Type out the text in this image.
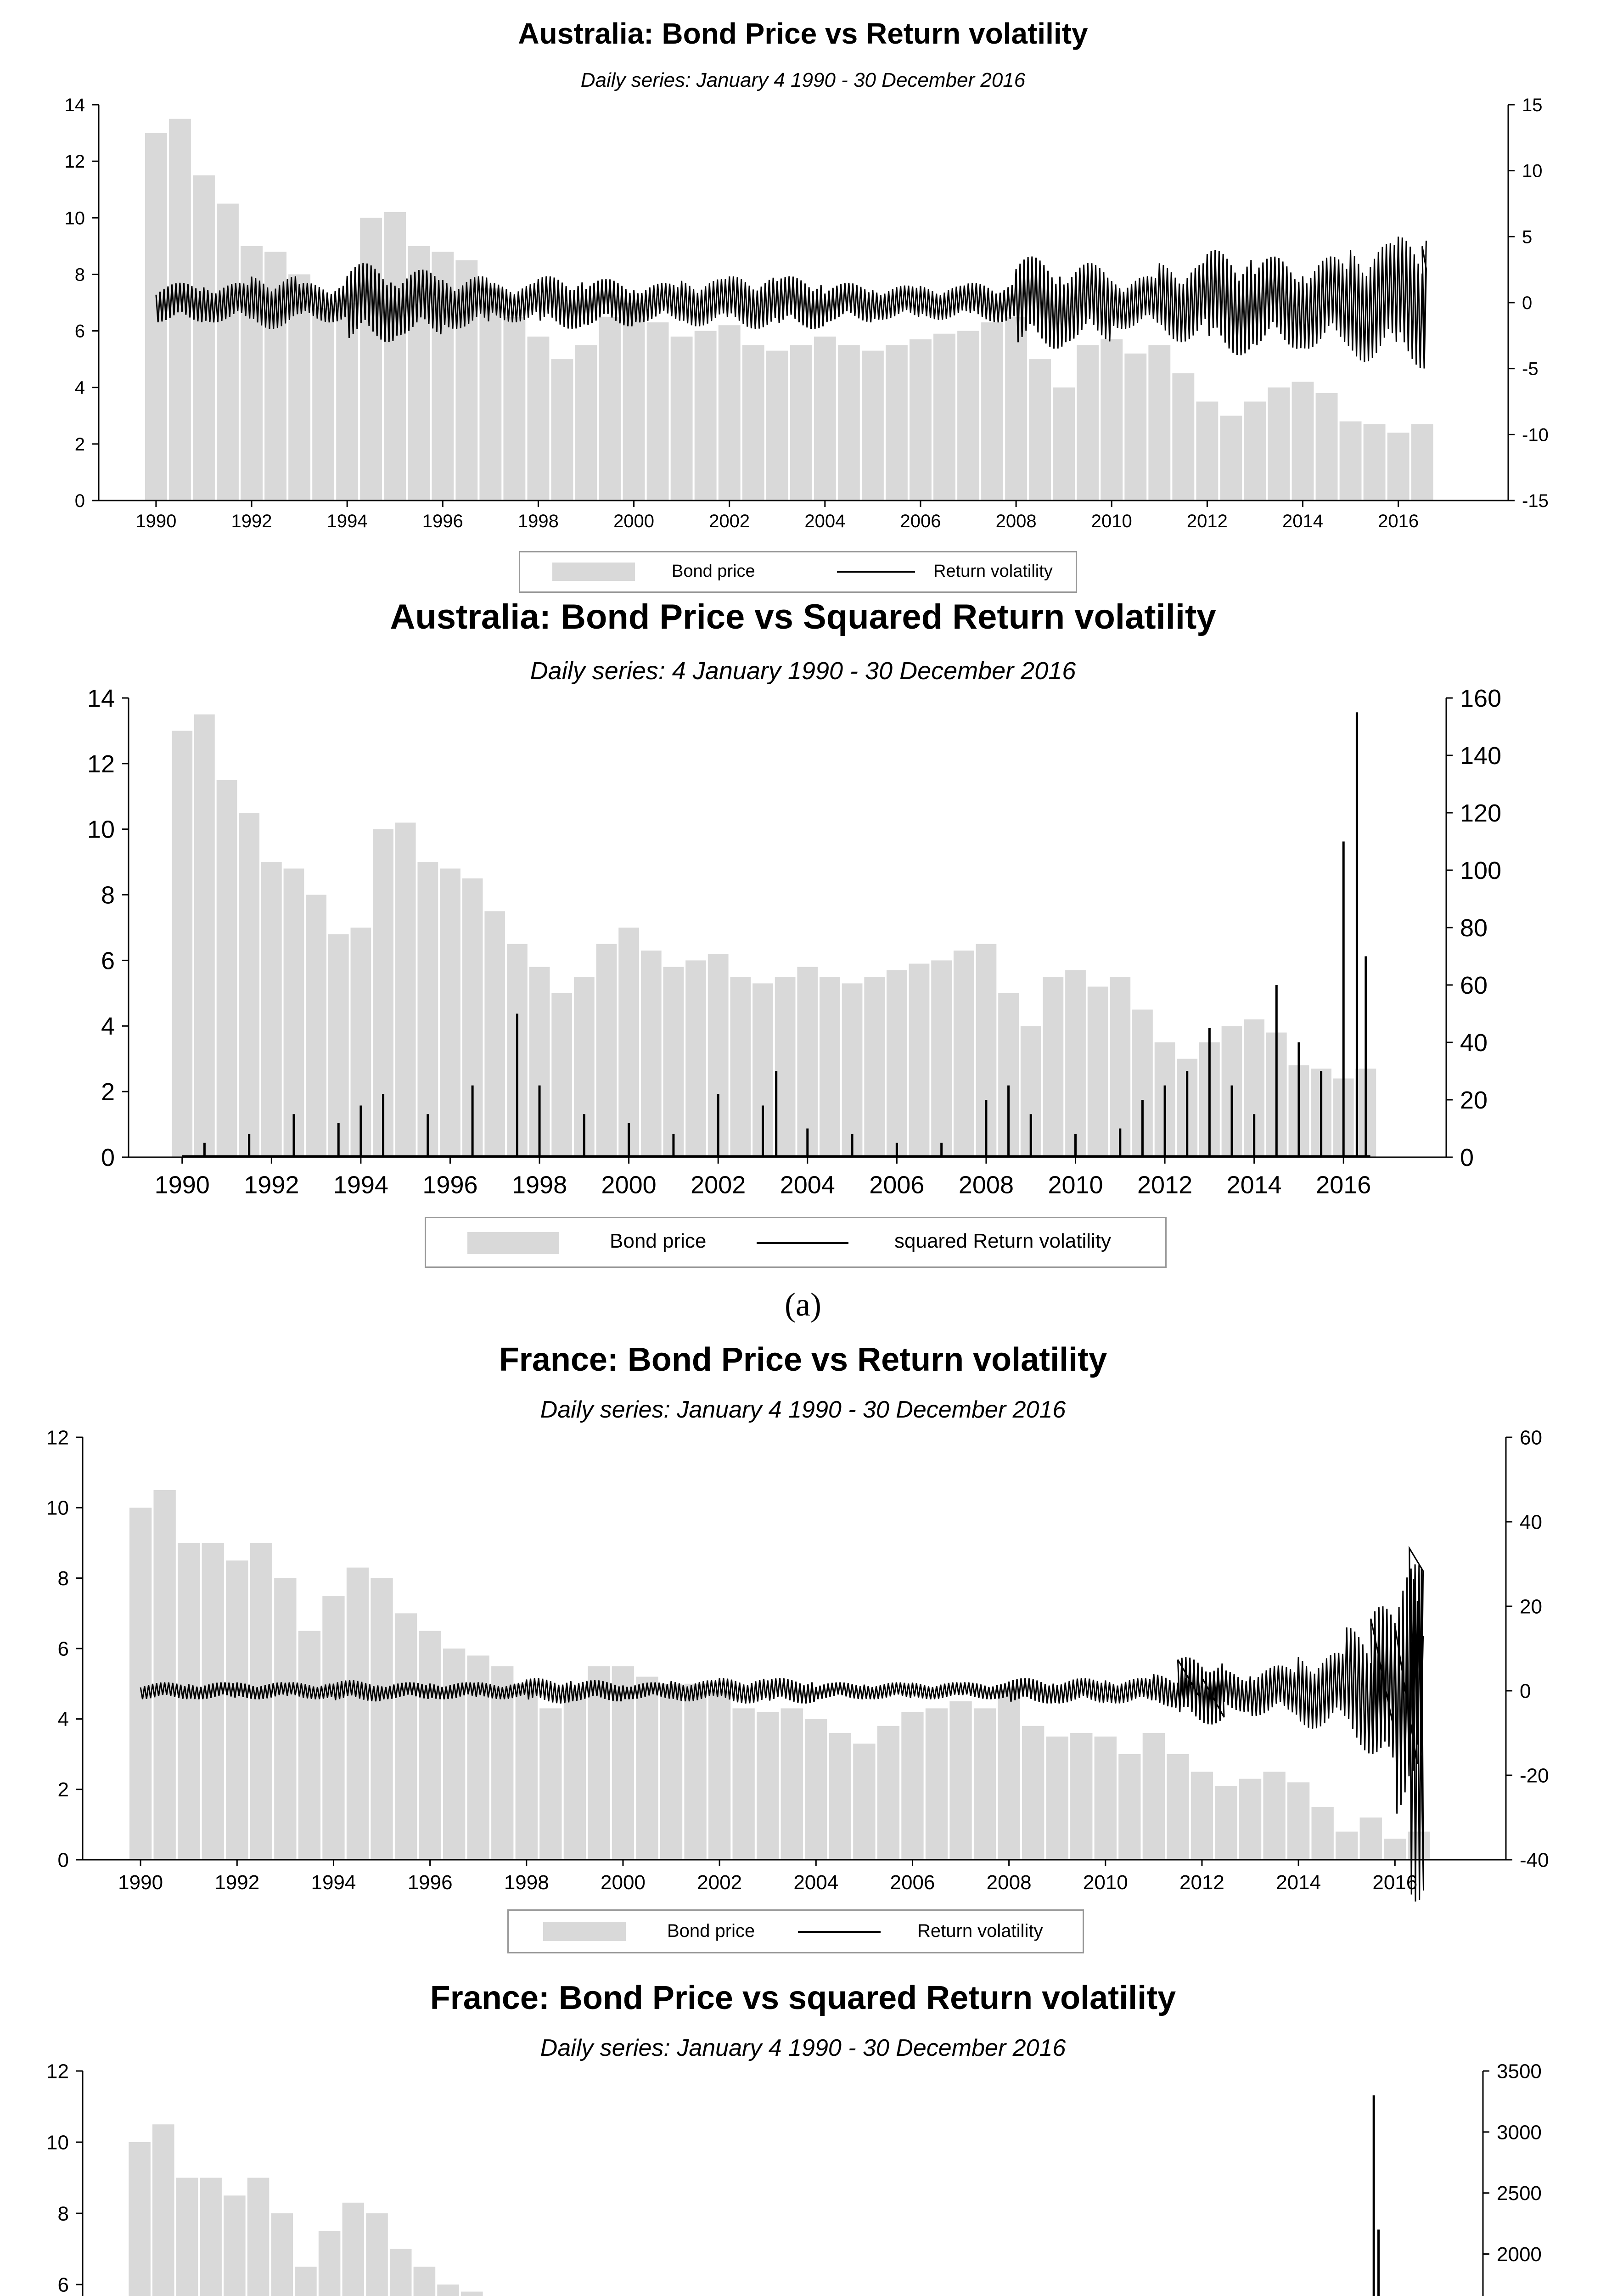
Australia: Bond Price vs Return volatility
Daily series: January 4 1990 - 30 December 2016
0
2
4
6
8
10
12
14
-15
-10
-5
0
5
10
15
1990	1992	1994	1996	1998	2000	2002	2004	2006	2008	2010	2012	2014	2016
Bond price	Return volatility
Australia: Bond Price vs Squared Return volatility
Daily series: 4 January 1990 - 30 December 2016
0
2
4
6
8
10
12
14
0
20
40
60
80
100
120
140
160
1990 1992 1994 1996 1998 2000 2002 2004 2006 2008 2010 2012 2014 2016
Bond price	squared Return volatility
(a)
France: Bond Price vs Return volatility
Daily series: January 4 1990 - 30 December 2016
0
2
4
6
8
10
12
-40
-20
0
20
40
60
1990	1992	1994	1996	1998	2000	2002	2004	2006	2008	2010	2012	2014	2016
Bond price	Return volatility
France: Bond Price vs squared Return volatility
Daily series: January 4 1990 - 30 December 2016
6
8
10
12
2000
2500
3000
3500
